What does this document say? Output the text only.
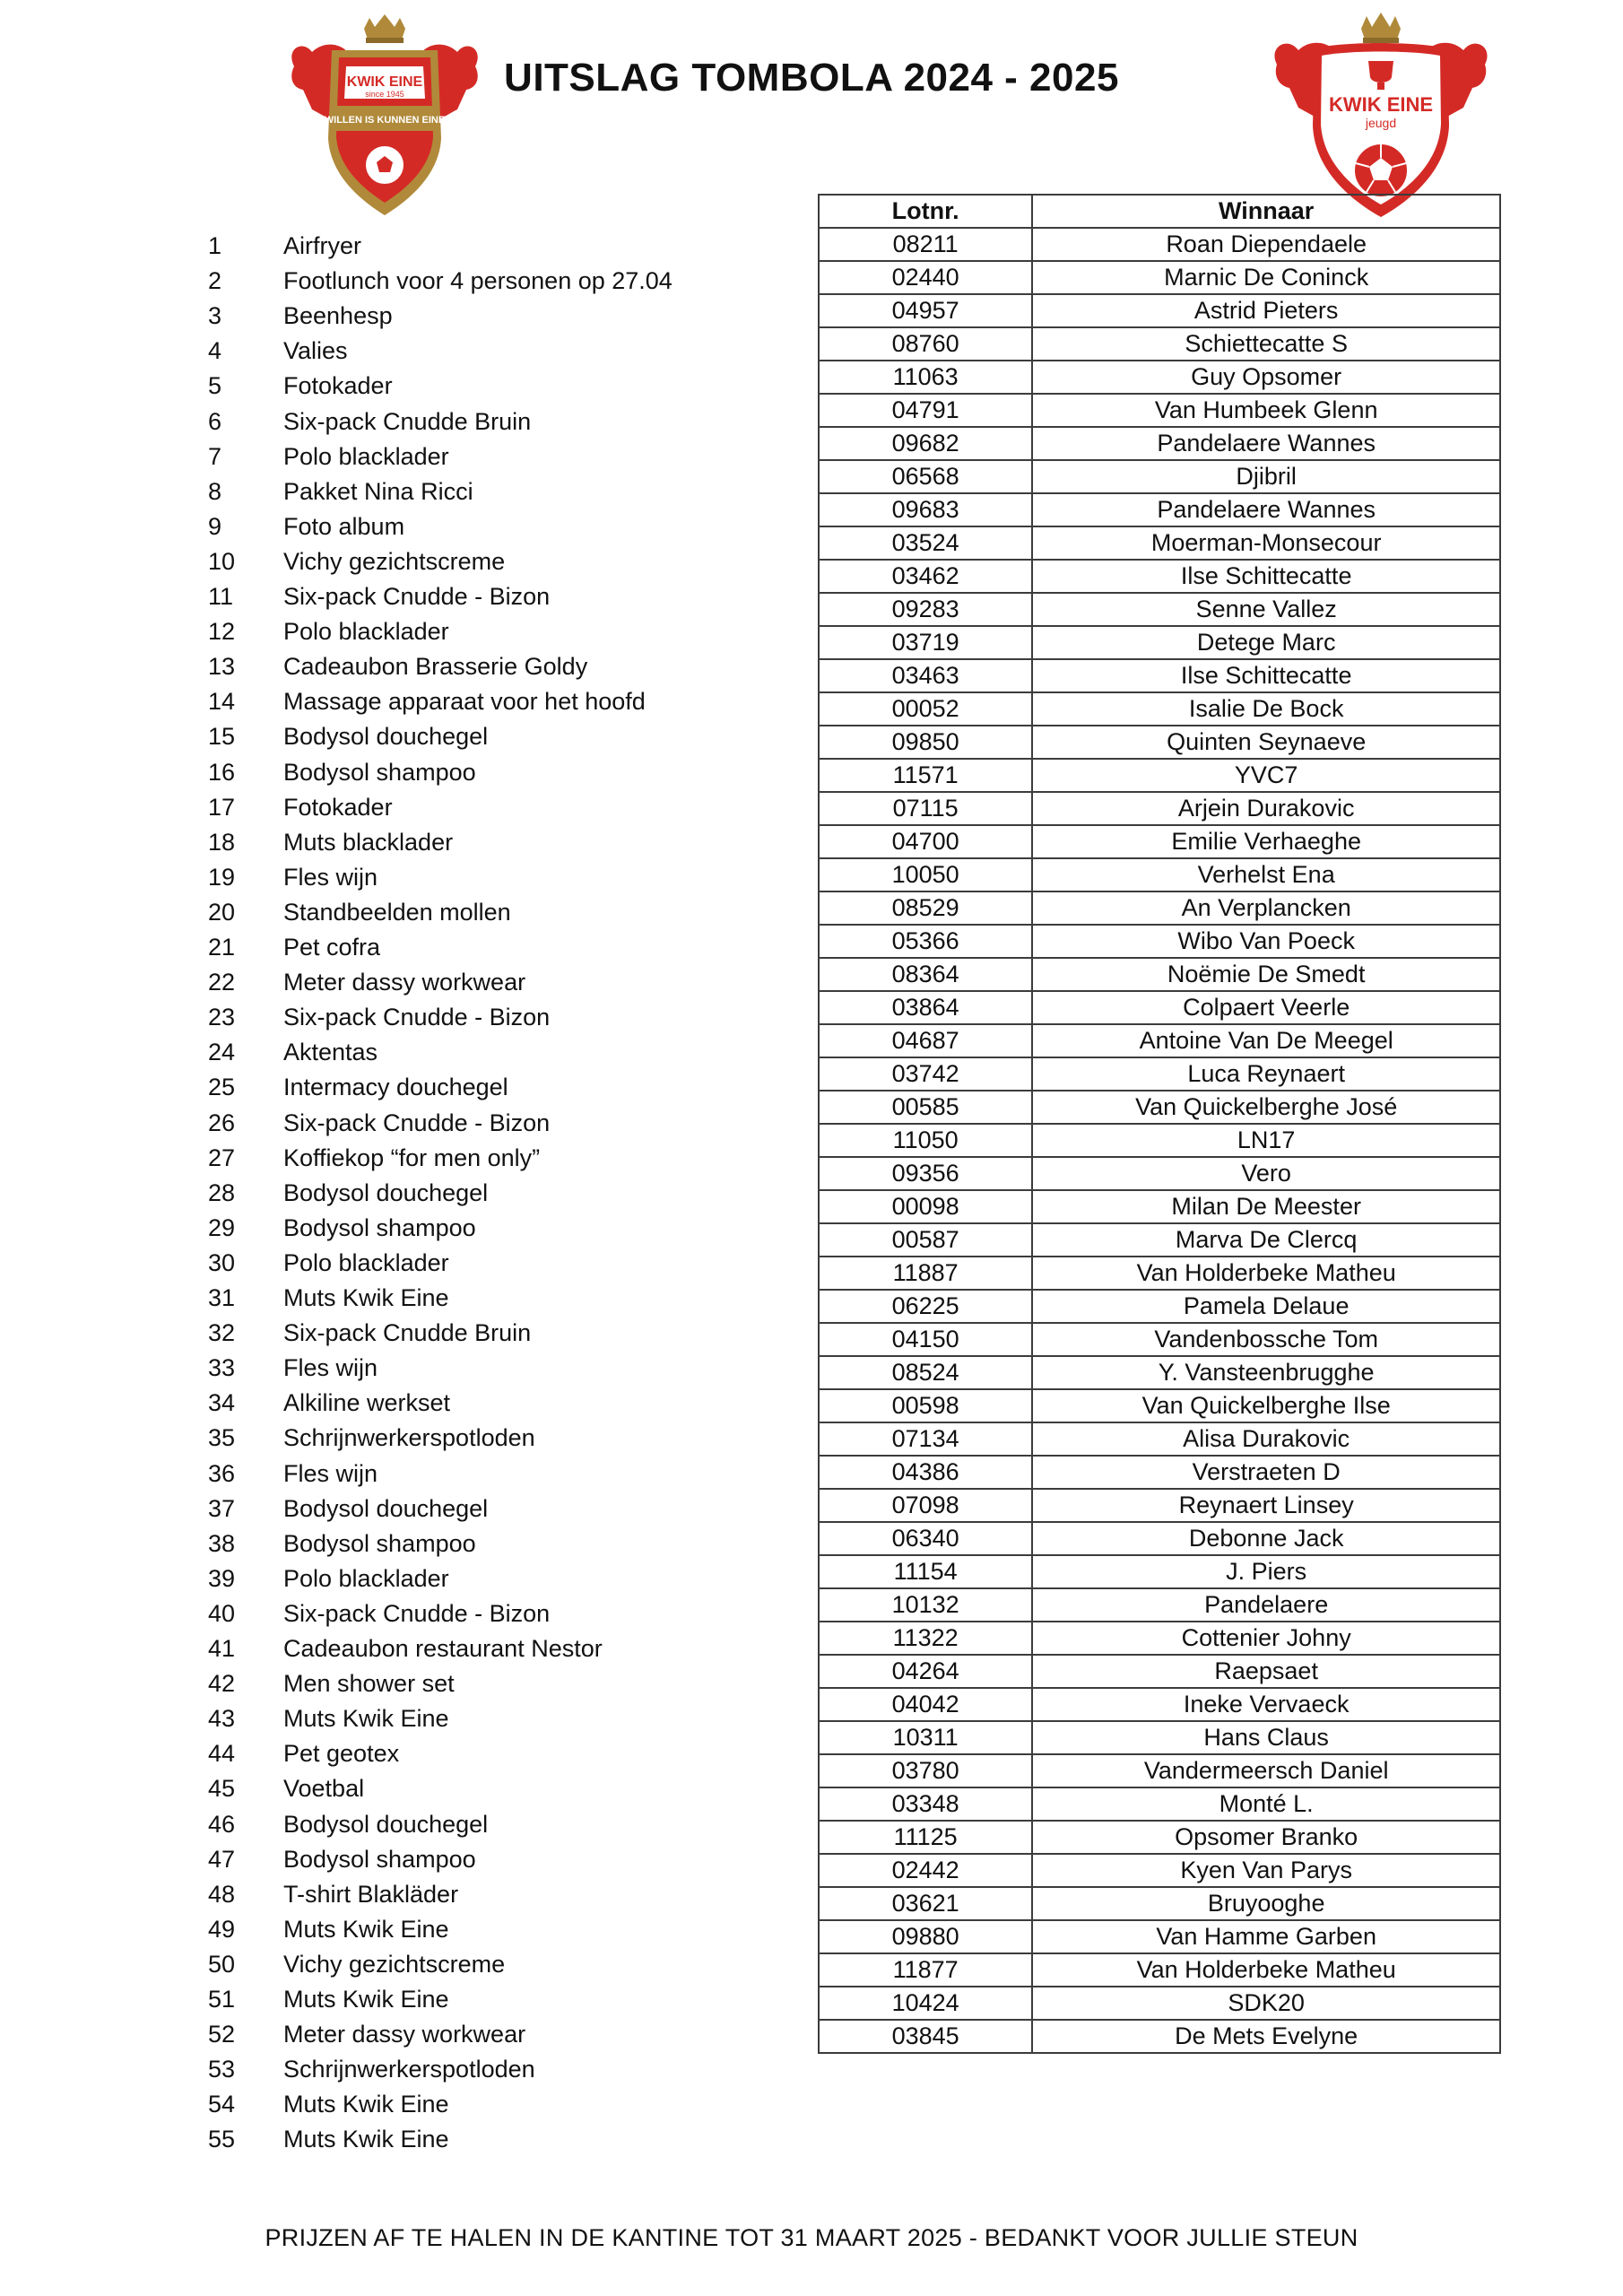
KWIK EINE
since 1945
WILLEN IS KUNNEN EINE
UITSLAG TOMBOLA 2024 - 2025
KWIK EINE
jeugd
1	Airfryer
2	Footlunch voor 4 personen op 27.04
3	Beenhesp
4	Valies
5	Fotokader
6	Six-pack Cnudde Bruin
7	Polo blacklader
8	Pakket Nina Ricci
9	Foto album
10	Vichy gezichtscreme
11	Six-pack Cnudde - Bizon
12	Polo blacklader
13	Cadeaubon Brasserie Goldy
14	Massage apparaat voor het hoofd
15	Bodysol douchegel
16	Bodysol shampoo
17	Fotokader
18	Muts blacklader
19	Fles wijn
20	Standbeelden mollen
21	Pet cofra
22	Meter dassy workwear
23	Six-pack Cnudde - Bizon
24	Aktentas
25	Intermacy douchegel
26	Six-pack Cnudde - Bizon
27	Koffiekop “for men only”
28	Bodysol douchegel
29	Bodysol shampoo
30	Polo blacklader
31	Muts Kwik Eine
32	Six-pack Cnudde Bruin
33	Fles wijn
34	Alkiline werkset
35	Schrijnwerkerspotloden
36	Fles wijn
37	Bodysol douchegel
38	Bodysol shampoo
39	Polo blacklader
40	Six-pack Cnudde - Bizon
41	Cadeaubon restaurant Nestor
42	Men shower set
43	Muts Kwik Eine
44	Pet geotex
45	Voetbal
46	Bodysol douchegel
47	Bodysol shampoo
48	T-shirt Blakläder
49	Muts Kwik Eine
50	Vichy gezichtscreme
51	Muts Kwik Eine
52	Meter dassy workwear
53	Schrijnwerkerspotloden
54	Muts Kwik Eine
55	Muts Kwik Eine
Lotnr.	Winnaar
08211	Roan Diependaele
02440	Marnic De Coninck
04957	Astrid Pieters
08760	Schiettecatte S
11063	Guy Opsomer
04791	Van Humbeek Glenn
09682	Pandelaere Wannes
06568	Djibril
09683	Pandelaere Wannes
03524	Moerman-Monsecour
03462	Ilse Schittecatte
09283	Senne Vallez
03719	Detege Marc
03463	Ilse Schittecatte
00052	Isalie De Bock
09850	Quinten Seynaeve
11571	YVC7
07115	Arjein Durakovic
04700	Emilie Verhaeghe
10050	Verhelst Ena
08529	An Verplancken
05366	Wibo Van Poeck
08364	Noëmie De Smedt
03864	Colpaert Veerle
04687	Antoine Van De Meegel
03742	Luca Reynaert
00585	Van Quickelberghe José
11050	LN17
09356	Vero
00098	Milan De Meester
00587	Marva De Clercq
11887	Van Holderbeke Matheu
06225	Pamela Delaue
04150	Vandenbossche Tom
08524	Y. Vansteenbrugghe
00598	Van Quickelberghe Ilse
07134	Alisa Durakovic
04386	Verstraeten D
07098	Reynaert Linsey
06340	Debonne Jack
11154	J. Piers
10132	Pandelaere
11322	Cottenier Johny
04264	Raepsaet
04042	Ineke Vervaeck
10311	Hans Claus
03780	Vandermeersch Daniel
03348	Monté L.
11125	Opsomer Branko
02442	Kyen Van Parys
03621	Bruyooghe
09880	Van Hamme Garben
11877	Van Holderbeke Matheu
10424	SDK20
03845	De Mets Evelyne
PRIJZEN AF TE HALEN IN DE KANTINE TOT 31 MAART 2025 - BEDANKT VOOR JULLIE STEUN
